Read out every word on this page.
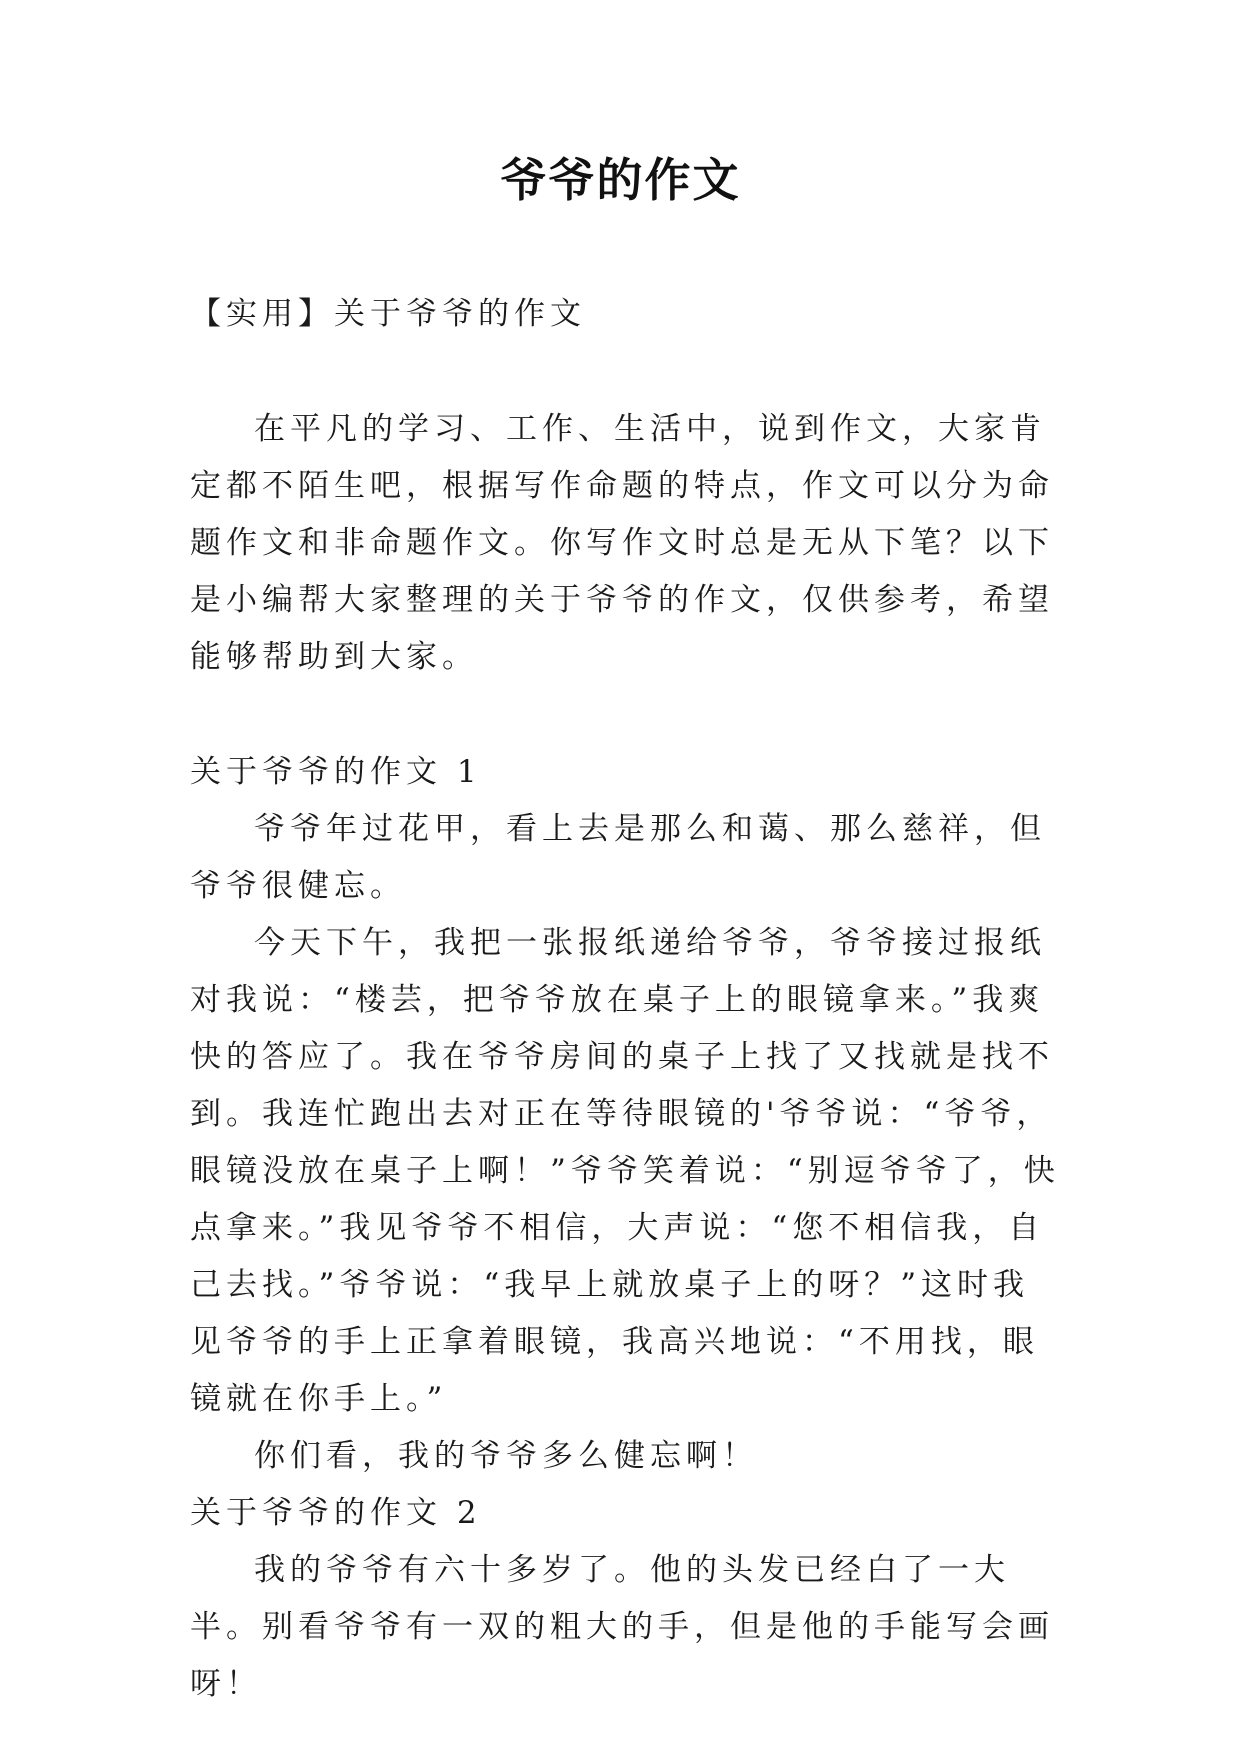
爷爷的作文

【实用】关于爷爷的作文

在平凡的学习、工作、生活中，说到作文，大家肯定都不陌生吧，根据写作命题的特点，作文可以分为命题作文和非命题作文。你写作文时总是无从下笔？以下是小编帮大家整理的关于爷爷的作文，仅供参考，希望能够帮助到大家。

关于爷爷的作文 1

爷爷年过花甲，看上去是那么和蔼、那么慈祥，但爷爷很健忘。

今天下午，我把一张报纸递给爷爷，爷爷接过报纸对我说：“楼芸，把爷爷放在桌子上的眼镜拿来。”我爽快的答应了。我在爷爷房间的桌子上找了又找就是找不到。我连忙跑出去对正在等待眼镜的'爷爷说：“爷爷，眼镜没放在桌子上啊！”爷爷笑着说：“别逗爷爷了，快点拿来。”我见爷爷不相信，大声说：“您不相信我，自己去找。”爷爷说：“我早上就放桌子上的呀？”这时我见爷爷的手上正拿着眼镜，我高兴地说：“不用找，眼镜就在你手上。”

你们看，我的爷爷多么健忘啊！

关于爷爷的作文 2

我的爷爷有六十多岁了。他的头发已经白了一大半。别看爷爷有一双的粗大的手，但是他的手能写会画呀！
